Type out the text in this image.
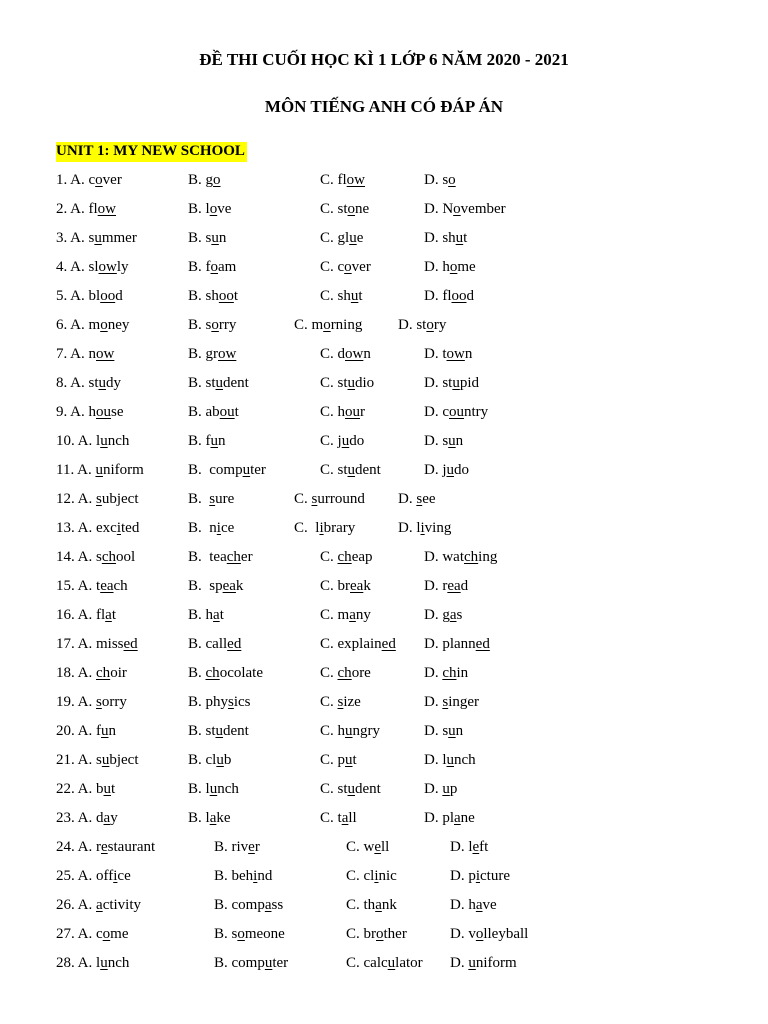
ĐỀ THI CUỐI HỌC KÌ 1 LỚP 6 NĂM 2020 - 2021
MÔN TIẾNG ANH CÓ ĐÁP ÁN
UNIT 1: MY NEW SCHOOL
1. A. cover	B. go	C. flow	D. so
2. A. flow	B. love	C. stone	D. November
3. A. summer	B. sun	C. glue	D. shut
4. A. slowly	B. foam	C. cover	D. home
5. A. blood	B. shoot	C. shut	D. flood
6. A. money	B. sorry	C. morning D. story
7. A. now	B. grow	C. down	D. town
8. A. study	B. student	C. studio	D. stupid
9. A. house	B. about	C. hour	D. country
10. A. lunch	B. fun	C. judo	D. sun
11. A. uniform	B.  computer	C. student	D. judo
12. A. subject	B.  sure	C. surround D. see
13. A. excited	B.  nice	C.  library	D. living
14. A. school	B.  teacher	C. cheap	D. watching
15. A. teach	B.  speak	C. break	D. read
16. A. flat	B. hat	C. many	D. gas
17. A. missed	B. called	C. explained D. planned
18. A. choir	B. chocolate	C. chore	D. chin
19. A. sorry	B. physics	C. size	D. singer
20. A. fun	B. student	C. hungry	D. sun
21. A. subject	B. club	C. put	D. lunch
22. A. but	B. lunch	C. student	D. up
23. A. day	B. lake	C. tall	D. plane
24. A. restaurant	B. river	C. well	D. left
25. A. office	B. behind	C. clinic	D. picture
26. A. activity	B. compass	C. thank	D. have
27. A. come	B. someone	C. brother	D. volleyball
28. A. lunch	B. computer	C. calculator D. uniform
